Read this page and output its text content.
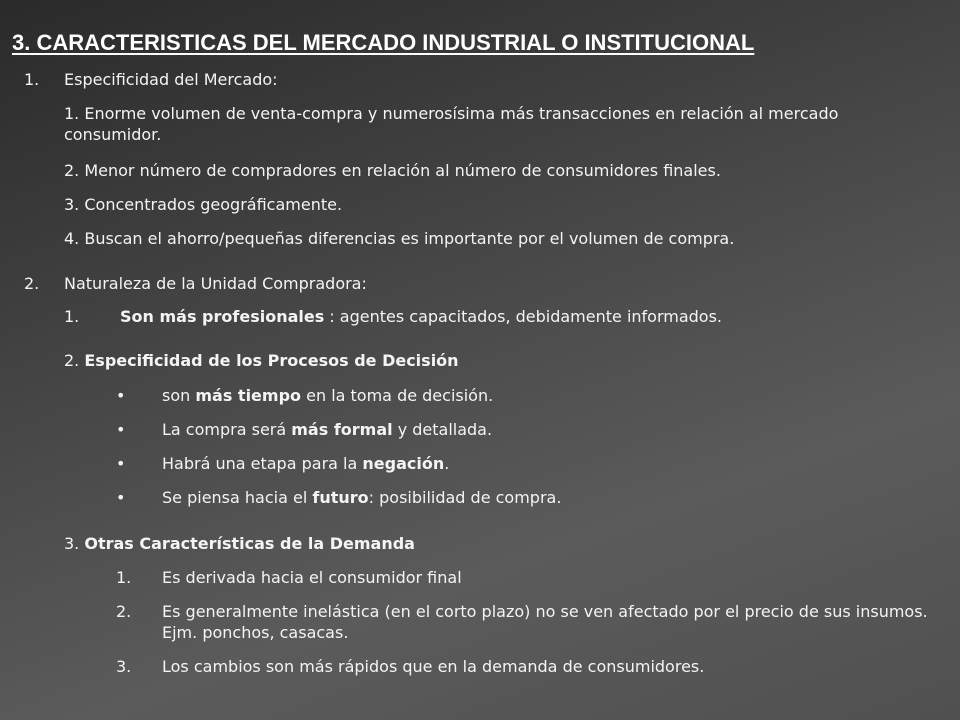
3. CARACTERISTICAS DEL MERCADO INDUSTRIAL O INSTITUCIONAL
1. Especificidad del Mercado:
1. Enorme volumen de venta-compra y numerosísima más transacciones en relación al mercado consumidor.
2. Menor número de compradores en relación al número de consumidores finales.
3. Concentrados geográficamente.
4. Buscan el ahorro/pequeñas diferencias es importante por el volumen de compra.
2. Naturaleza de la Unidad Compradora:
1.	Son más profesionales : agentes capacitados, debidamente informados.
2. Especificidad de los Procesos de Decisión
• son más tiempo en la toma de decisión.
• La compra será más formal y detallada.
• Habrá una etapa para la negación.
• Se piensa hacia el futuro: posibilidad de compra.
3. Otras Características de la Demanda
1. Es derivada hacia el consumidor final
2. Es generalmente inelástica (en el corto plazo) no se ven afectado por el precio de sus insumos. Ejm. ponchos, casacas.
3. Los cambios son más rápidos que en la demanda de consumidores.
